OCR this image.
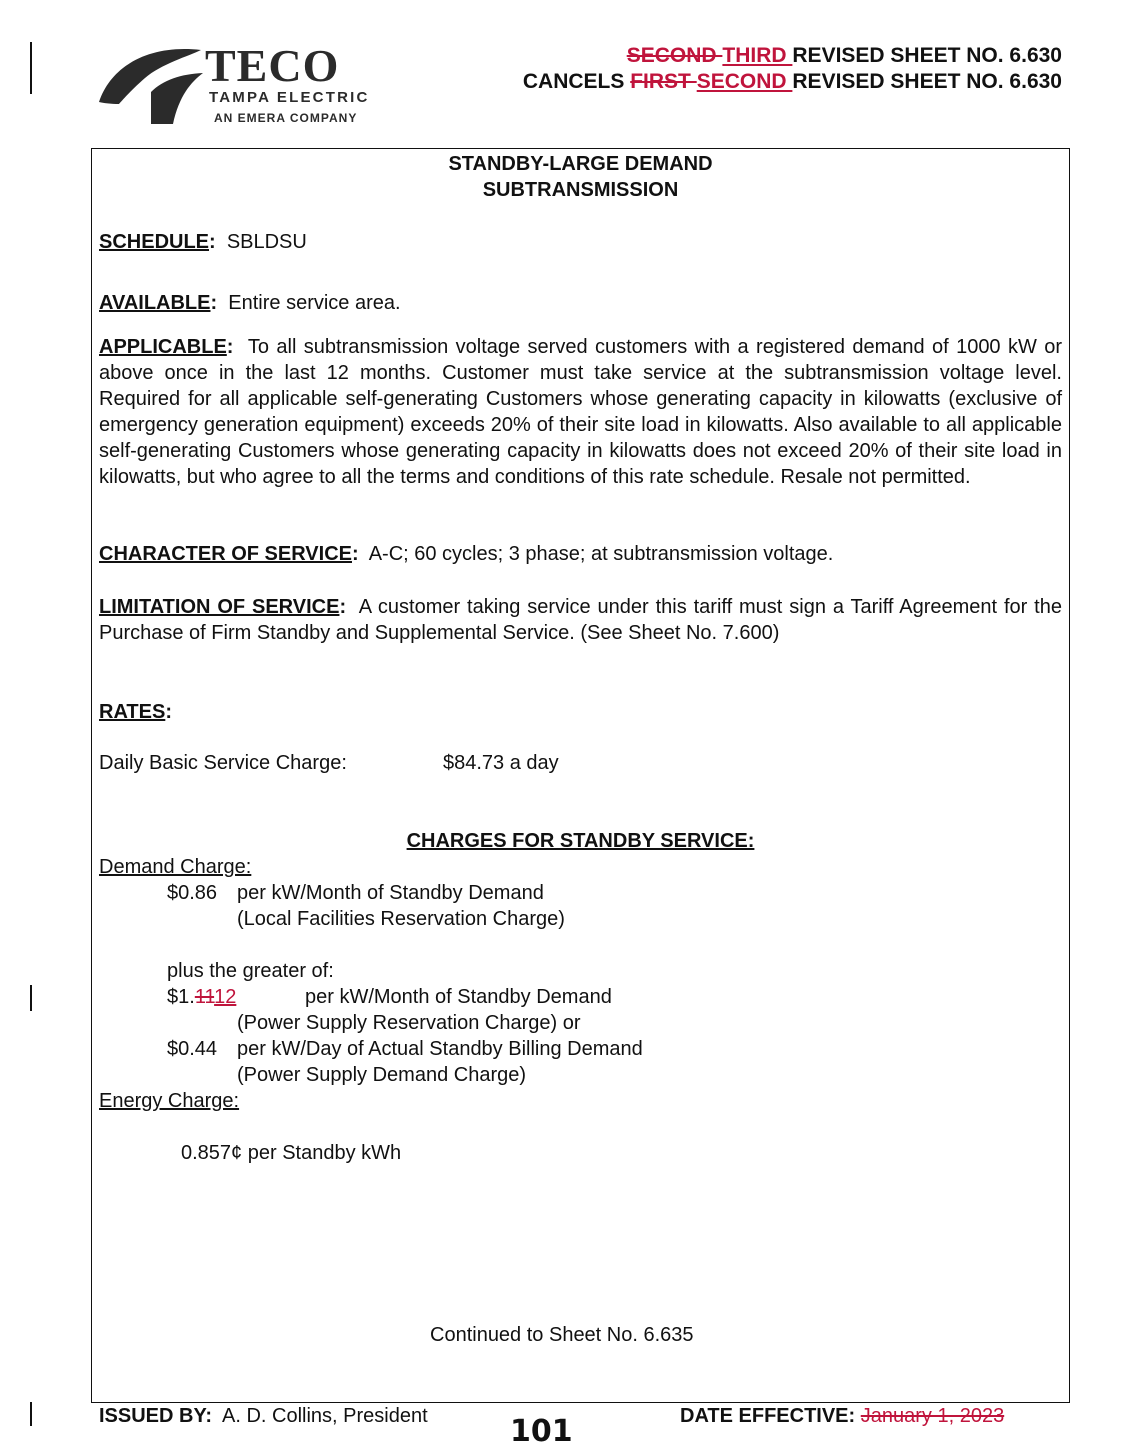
TECO
TAMPA ELECTRIC
AN EMERA COMPANY
SECOND THIRD REVISED SHEET NO. 6.630
CANCELS FIRST SECOND REVISED SHEET NO. 6.630
STANDBY-LARGE DEMAND
SUBTRANSMISSION
SCHEDULE: SBLDSU
AVAILABLE: Entire service area.
APPLICABLE: To all subtransmission voltage served customers with a registered demand of 1000 kW or above once in the last 12 months. Customer must take service at the subtransmission voltage level. Required for all applicable self-generating Customers whose generating capacity in kilowatts (exclusive of emergency generation equipment) exceeds 20% of their site load in kilowatts. Also available to all applicable self-generating Customers whose generating capacity in kilowatts does not exceed 20% of their site load in kilowatts, but who agree to all the terms and conditions of this rate schedule. Resale not permitted.
CHARACTER OF SERVICE: A-C; 60 cycles; 3 phase; at subtransmission voltage.
LIMITATION OF SERVICE: A customer taking service under this tariff must sign a Tariff Agreement for the Purchase of Firm Standby and Supplemental Service. (See Sheet No. 7.600)
RATES:
Daily Basic Service Charge:	$84.73 a day
CHARGES FOR STANDBY SERVICE:
Demand Charge:
$0.86 per kW/Month of Standby Demand
(Local Facilities Reservation Charge)
plus the greater of:
$1.1112	per kW/Month of Standby Demand
(Power Supply Reservation Charge) or
$0.44 per kW/Day of Actual Standby Billing Demand
(Power Supply Demand Charge)
Energy Charge:
0.857¢ per Standby kWh
Continued to Sheet No. 6.635
ISSUED BY: A. D. Collins, President	101	DATE EFFECTIVE: January 1, 2023
